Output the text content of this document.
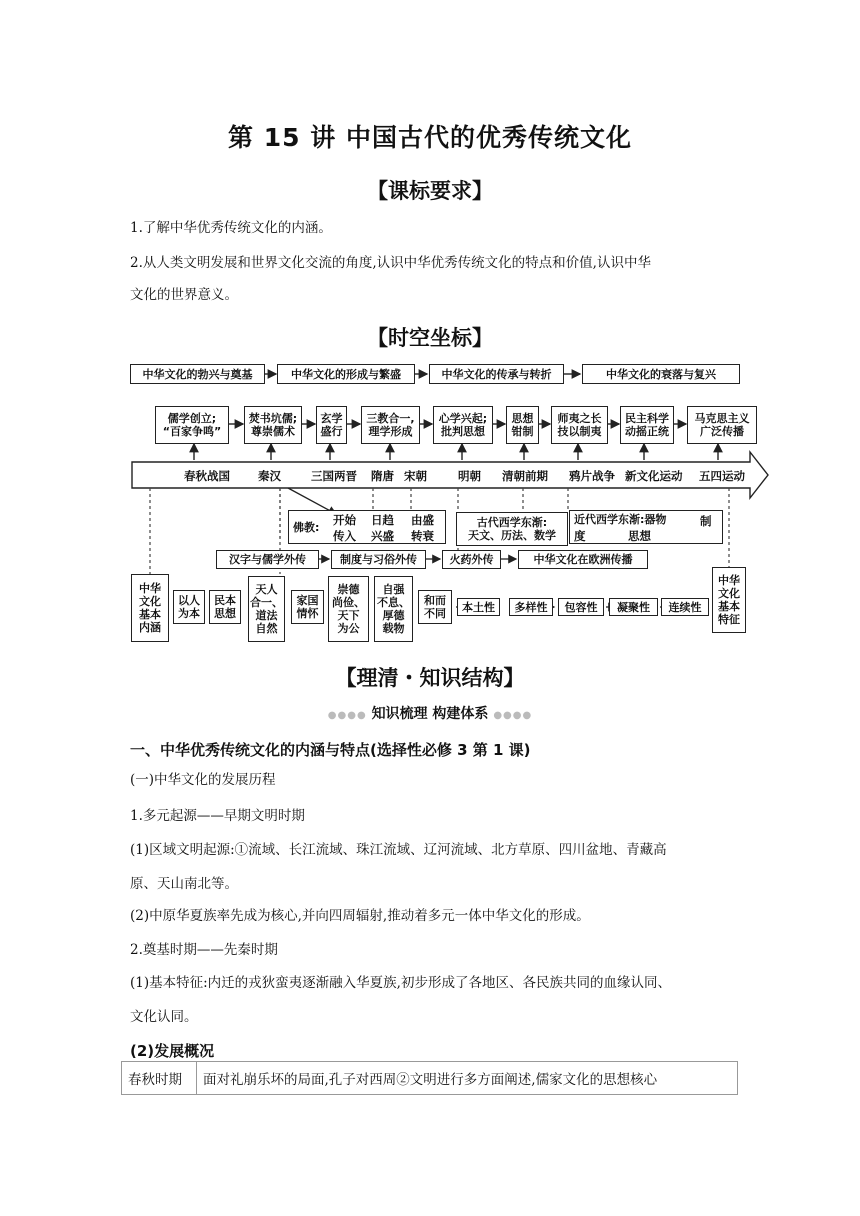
第 15 讲 中国古代的优秀传统文化
【课标要求】
1.了解中华优秀传统文化的内涵。
2.从人类文明发展和世界文化交流的角度,认识中华优秀传统文化的特点和价值,认识中华
文化的世界意义。
【时空坐标】
中华文化的勃兴与奠基	中华文化的形成与繁盛	中华文化的传承与转折	中华文化的衰落与复兴
儒学创立;
“百家争鸣”
焚书坑儒;
尊崇儒术
玄学
盛行
三教合一,
理学形成
心学兴起;
批判思想
思想
钳制
师夷之长
技以制夷
民主科学
动摇正统
马克思主义
广泛传播
春秋战国 秦汉	三国两晋 隋唐 宋朝	明朝 清朝前期 鸦片战争 新文化运动 五四运动
佛教: 开始
传入
日趋
兴盛
由盛
转衰
古代西学东渐:
天文、历法、数学
近代西学东渐:器物	制
度	思想
汉字与儒学外传	制度与习俗外传	火药外传	中华文化在欧洲传播
中华
文化
基本
内涵
以人
为本
民本
思想
天人
合一、
道法
自然
家国
情怀
崇德
尚俭、
天下
为公
自强
不息、
厚德
载物
和而
不同	本土性	多样性	包容性	凝聚性	连续性
中华
文化
基本
特征
【理清・知识结构】
●●●● 知识梳理 构建体系 ●●●●
一、中华优秀传统文化的内涵与特点(选择性必修 3 第 1 课)
(一)中华文化的发展历程
1.多元起源——早期文明时期
(1)区域文明起源:①流域、长江流域、珠江流域、辽河流域、北方草原、四川盆地、青藏高
原、天山南北等。
(2)中原华夏族率先成为核心,并向四周辐射,推动着多元一体中华文化的形成。
2.奠基时期——先秦时期
(1)基本特征:内迁的戎狄蛮夷逐渐融入华夏族,初步形成了各地区、各民族共同的血缘认同、
文化认同。
(2)发展概况
春秋时期	面对礼崩乐坏的局面,孔子对西周②文明进行多方面阐述,儒家文化的思想核心
